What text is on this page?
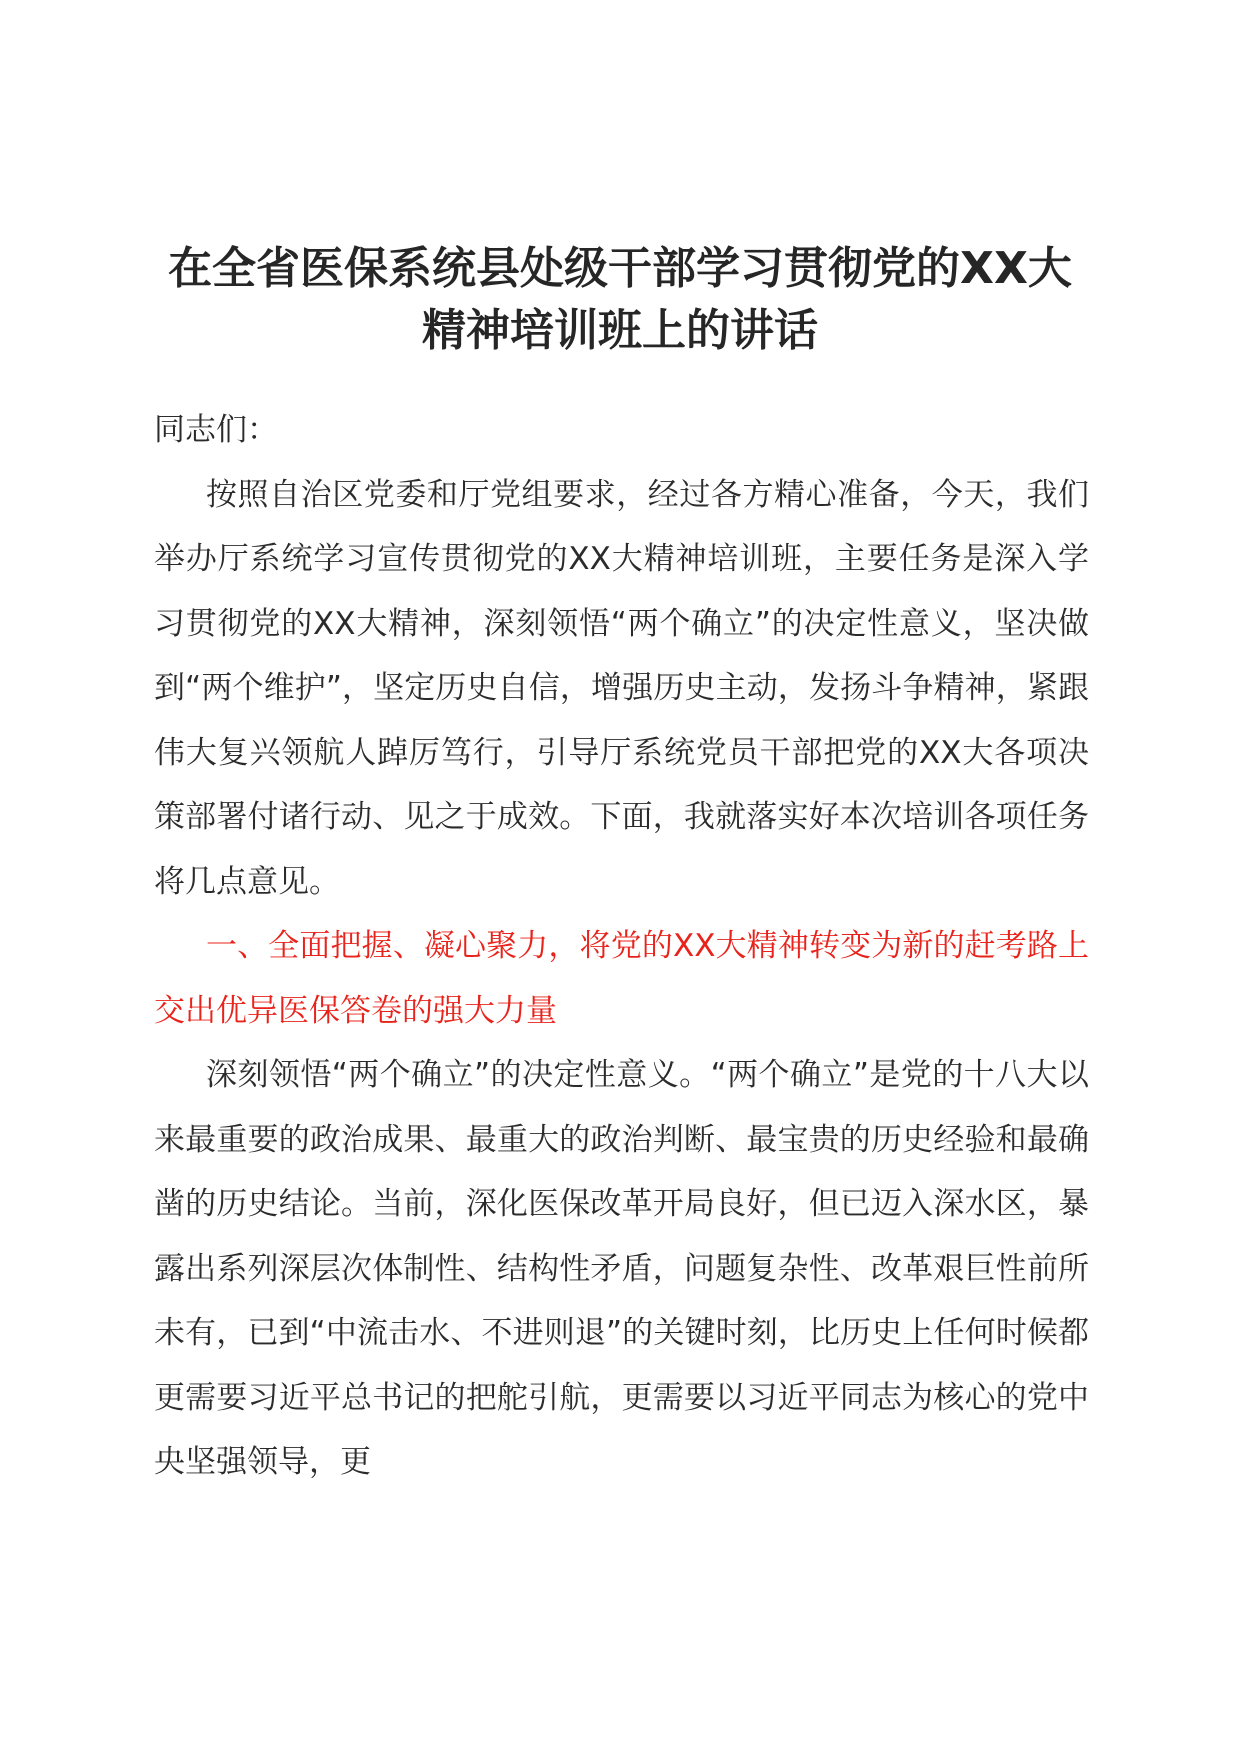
在全省医保系统县处级干部学习贯彻党的XX大精神培训班上的讲话

同志们：

按照自治区党委和厅党组要求，经过各方精心准备，今天，我们举办厅系统学习宣传贯彻党的XX大精神培训班，主要任务是深入学习贯彻党的XX大精神，深刻领悟“两个确立”的决定性意义，坚决做到“两个维护”，坚定历史自信，增强历史主动，发扬斗争精神，紧跟伟大复兴领航人踔厉笃行，引导厅系统党员干部把党的XX大各项决策部署付诸行动、见之于成效。下面，我就落实好本次培训各项任务将几点意见。

一、全面把握、凝心聚力，将党的XX大精神转变为新的赶考路上交出优异医保答卷的强大力量

深刻领悟“两个确立”的决定性意义。“两个确立”是党的十八大以来最重要的政治成果、最重大的政治判断、最宝贵的历史经验和最确凿的历史结论。当前，深化医保改革开局良好，但已迈入深水区，暴露出系列深层次体制性、结构性矛盾，问题复杂性、改革艰巨性前所未有，已到“中流击水、不进则退”的关键时刻，比历史上任何时候都更需要习近平总书记的把舵引航，更需要以习近平同志为核心的党中央坚强领导，更
